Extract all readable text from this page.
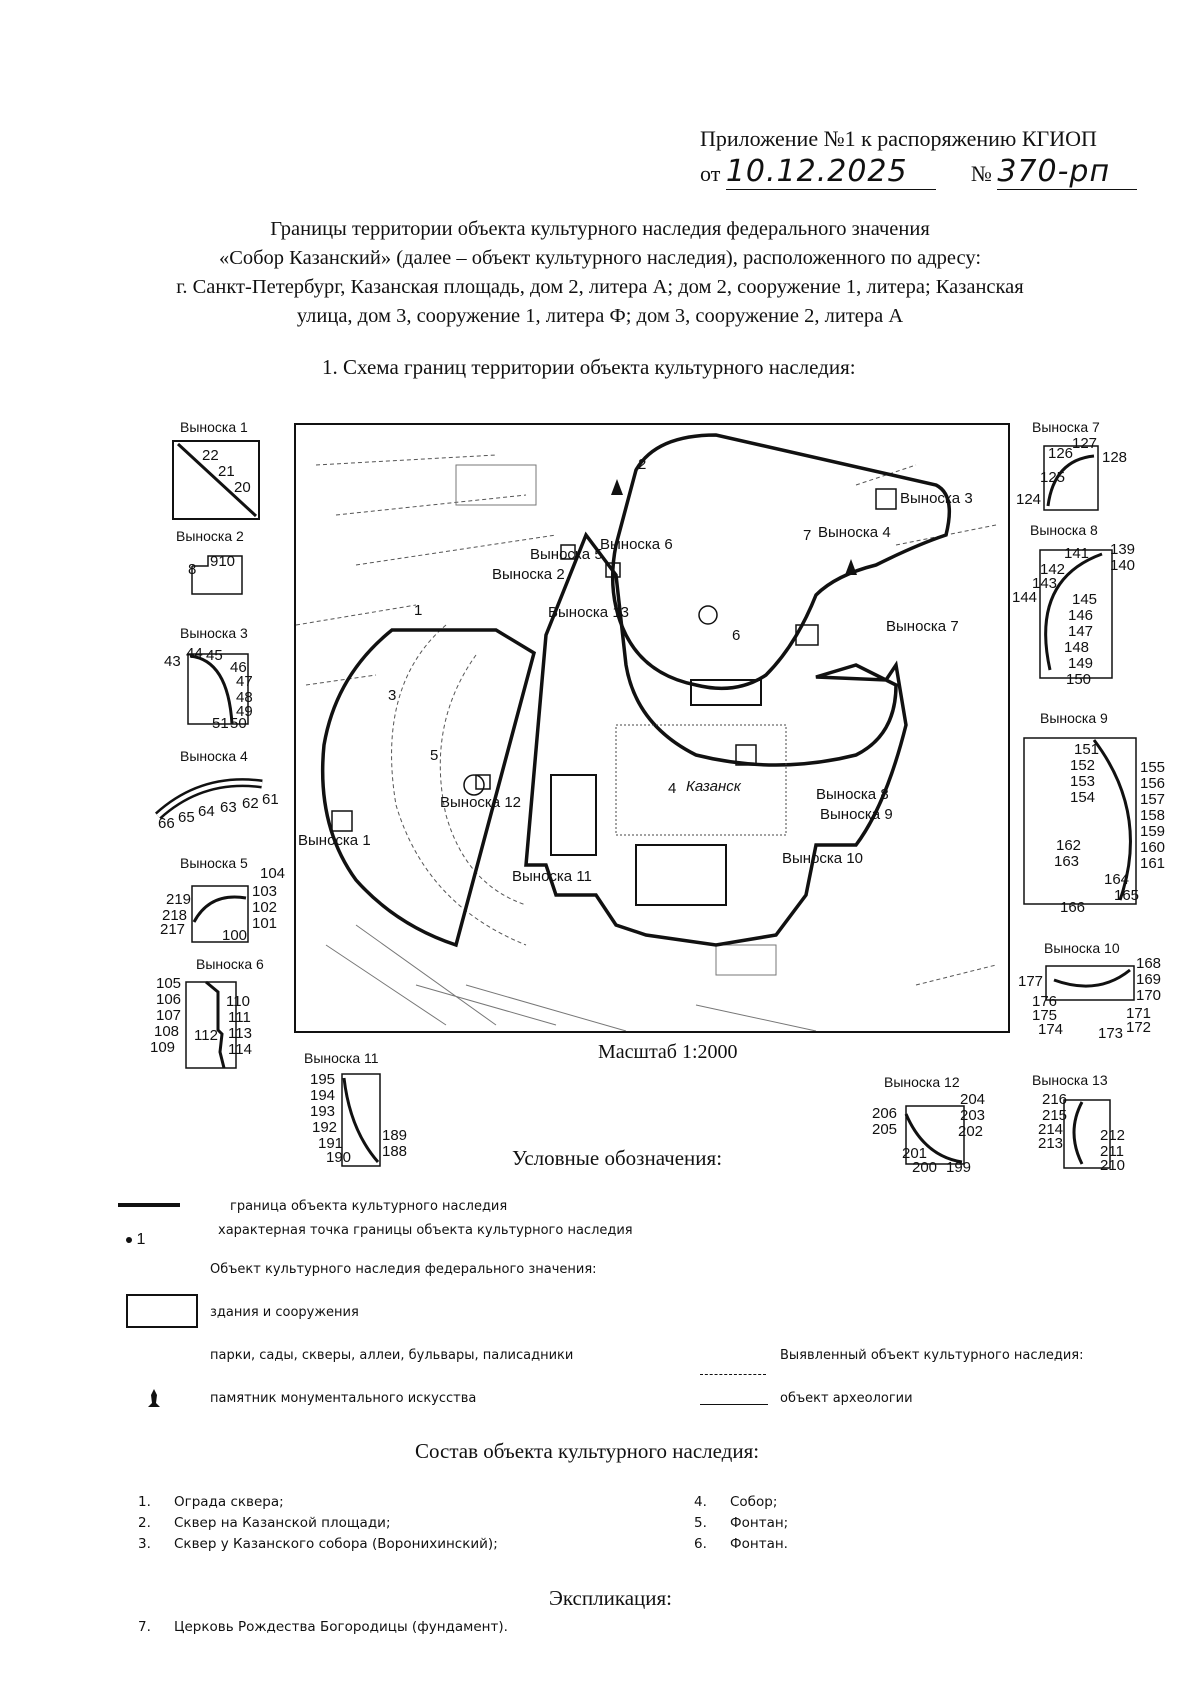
Приложение №1 к распоряжению КГИОП
от 10.12.2025	№ 370-рп
Границы территории объекта культурного наследия федерального значения
«Собор Казанский» (далее – объект культурного наследия), расположенного по адресу:
г. Санкт-Петербург, Казанская площадь, дом 2, литера А; дом 2, сооружение 1, литера; Казанская
улица, дом 3, сооружение 1, литера Ф; дом 3, сооружение 2, литера А
1. Схема границ территории объекта культурного наследия:
Выноска 1
22
21
20
Выноска 2
8 910
Выноска 3
43 44 45
46
47
48
49
51 50
Выноска 4
66 65 64 63 62 61
Выноска 5
104
103
102
101
100
219
218
217
Выноска 6
105
106
107
108
109
110
111
112 113
114
1
2
3
4
5
6
7
Казанск
Выноска 1
Выноска 2
Выноска 3
Выноска 4
Выноска 5
Выноска 6
Выноска 7
Выноска 8
Выноска 9
Выноска 10
Выноска 11
Выноска 12
Выноска 13
Масштаб 1:2000
Выноска 7
127
126 128
125
124
Выноска 8
139
141
140
142
143
144 145
146
147
148
149
150
Выноска 9
151
152
153
154
155
156
157
158
159
160
161
162
163
164
165
166
Выноска 10
168
169
170
171
172
173
174
175
176
177
Выноска 11
195
194
193
192
191
190
189
188
Выноска 12
204
203
202
206
205
201
200 199
Выноска 13
216
215
214
213 212
211
210
Условные обозначения:
граница объекта культурного наследия
1
характерная точка границы объекта культурного наследия
Объект культурного наследия федерального значения:
здания и сооружения
парки, сады, скверы, аллеи, бульвары, палисадники	Выявленный объект культурного наследия:
памятник монументального искусства	объект археологии
Состав объекта культурного наследия:
1. Ограда сквера;
2. Сквер на Казанской площади;
3. Сквер у Казанского собора (Воронихинский);
4. Собор;
5. Фонтан;
6. Фонтан.
Экспликация:
7. Церковь Рождества Богородицы (фундамент).
